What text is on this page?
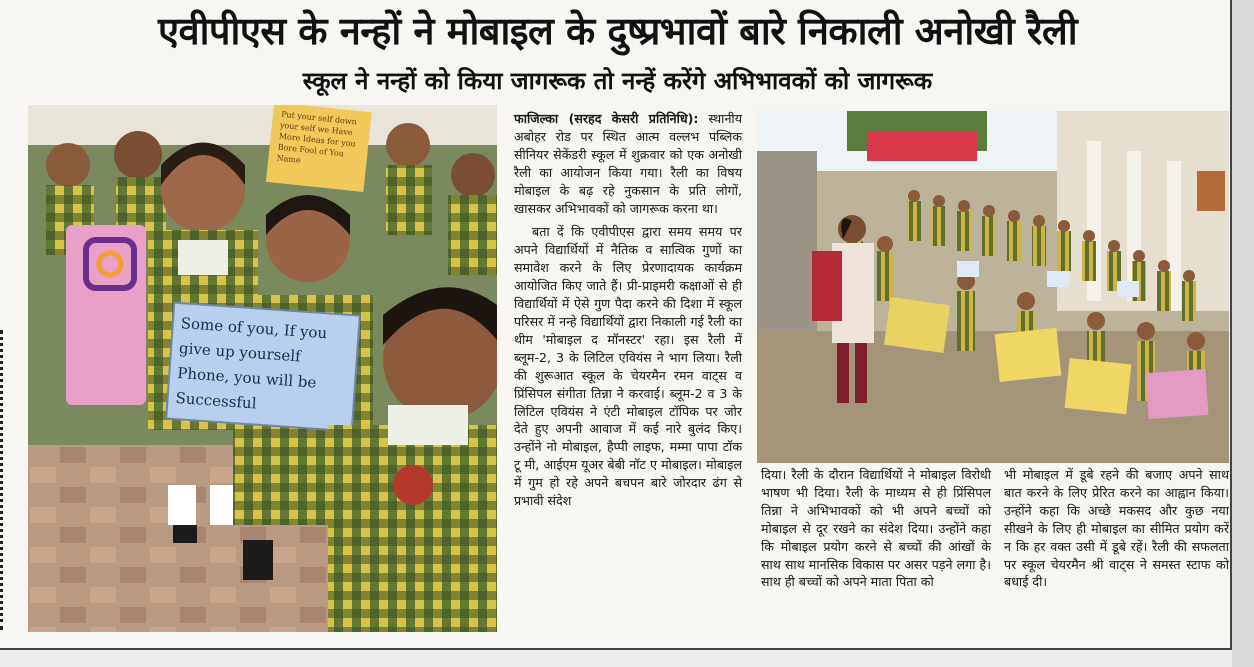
एवीपीएस के नन्हों ने मोबाइल के दुष्प्रभावों बारे निकाली अनोखी रैली
स्कूल ने नन्हों को किया जागरूक तो नन्हें करेंगे अभिभावकों को जागरूक
Some of you, If you give up yourself Phone, you will be Successful
Put your self down your self we Have More Ideas for you Bore Fool of You Name

फाजिल्का (सरहद केसरी प्रतिनिधि): स्थानीय अबोहर रोड पर स्थित आत्म वल्लभ पब्लिक सीनियर सेकेंडरी स्कूल में शुक्रवार को एक अनोखी रैली का आयोजन किया गया। रैली का विषय मोबाइल के बढ़ रहे नुकसान के प्रति लोगों, खासकर अभिभावकों को जागरूक करना था।

बता दें कि एवीपीएस द्वारा समय समय पर अपने विद्यार्थियों में नैतिक व सात्विक गुणों का समावेश करने के लिए प्रेरणादायक कार्यक्रम आयोजित किए जाते हैं। प्री-प्राइमरी कक्षाओं से ही विद्यार्थियों में ऐसे गुण पैदा करने की दिशा में स्कूल परिसर में नन्हे विद्यार्थियों द्वारा निकाली गई रैली का थीम 'मोबाइल द मॉनस्टर' रहा। इस रैली में ब्लूम-2, 3 के लिटिल एवियंस ने भाग लिया। रैली की शुरूआत स्कूल के चेयरमैन रमन वाट्स व प्रिंसिपल संगीता तिन्ना ने करवाई। ब्लूम-2 व 3 के लिटिल एवियंस ने एंटी मोबाइल टॉपिक पर जोर देते हुए अपनी आवाज में कई नारे बुलंद किए। उन्होंने नो मोबाइल, हैप्पी लाइफ, मम्मा पापा टॉक टू मी, आईएम यूअर बेबी नॉट ए मोबाइल। मोबाइल में गुम हो रहे अपने बचपन बारे जोरदार ढंग से प्रभावी संदेश

दिया। रैली के दौरान विद्यार्थियों ने मोबाइल विरोधी भाषण भी दिया। रैली के माध्यम से ही प्रिंसिपल तिन्ना ने अभिभावकों को भी अपने बच्चों को मोबाइल से दूर रखने का संदेश दिया। उन्होंने कहा कि मोबाइल प्रयोग करने से बच्चों की आंखों के साथ साथ मानसिक विकास पर असर पड़ने लगा है। साथ ही बच्चों को अपने माता पिता को

भी मोबाइल में डूबे रहने की बजाए अपने साथ बात करने के लिए प्रेरित करने का आह्वान किया। उन्होंने कहा कि अच्छे मकसद और कुछ नया सीखने के लिए ही मोबाइल का सीमित प्रयोग करें न कि हर वक्त उसी में डूबे रहें। रैली की सफलता पर स्कूल चेयरमैन श्री वाट्स ने समस्त स्टाफ को बधाई दी।
